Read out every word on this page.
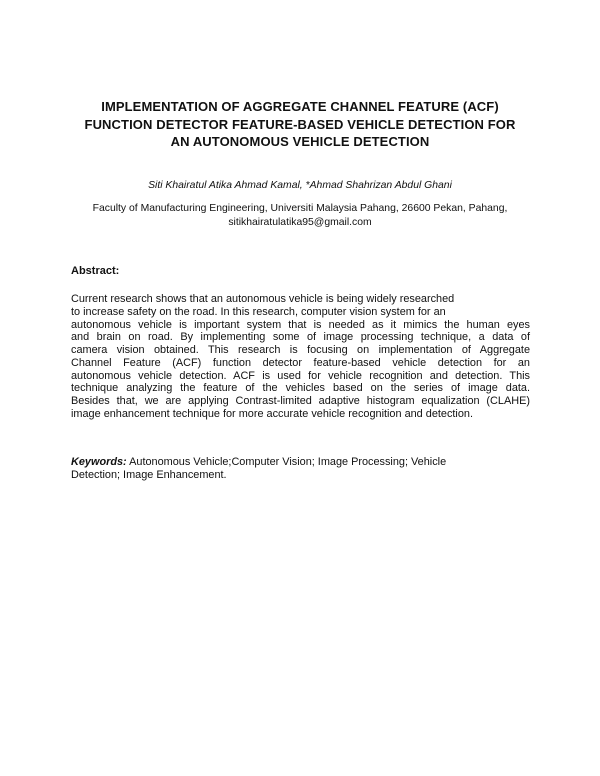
IMPLEMENTATION OF AGGREGATE CHANNEL FEATURE (ACF)
FUNCTION DETECTOR FEATURE-BASED VEHICLE DETECTION FOR
AN AUTONOMOUS VEHICLE DETECTION
Siti Khairatul Atika Ahmad Kamal, *Ahmad Shahrizan Abdul Ghani
Faculty of Manufacturing Engineering, Universiti Malaysia Pahang, 26600 Pekan, Pahang,
sitikhairatulatika95@gmail.com
Abstract:
Current research shows that an autonomous vehicle is being widely researched
to increase safety on the road. In this research, computer vision system for an
autonomous vehicle is important system that is needed as it mimics the human eyes
and brain on road. By implementing some of image processing technique, a data of
camera vision obtained. This research is focusing on implementation of Aggregate
Channel Feature (ACF) function detector feature-based vehicle detection for an
autonomous vehicle detection. ACF is used for vehicle recognition and detection. This
technique analyzing the feature of the vehicles based on the series of image data.
Besides that, we are applying Contrast-limited adaptive histogram equalization (CLAHE)
image enhancement technique for more accurate vehicle recognition and detection.
Keywords: Autonomous Vehicle;Computer Vision; Image Processing; Vehicle
Detection; Image Enhancement.
